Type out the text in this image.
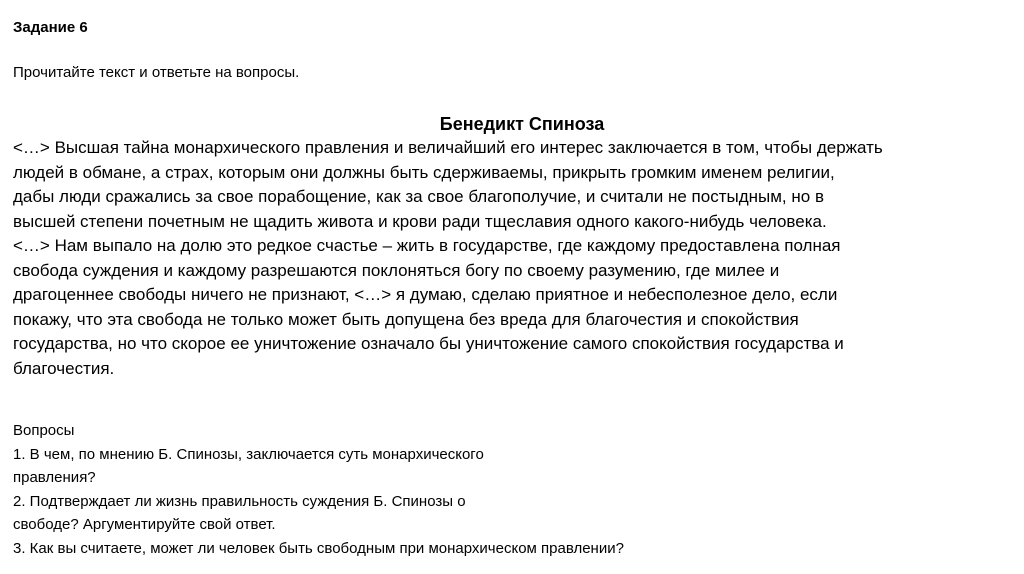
Задание 6
Прочитайте текст и ответьте на вопросы.
Бенедикт Спиноза

<…> Высшая тайна монархического правления и величайший его интерес заключается в том, чтобы держать

людей в обмане, а страх, которым они должны быть сдерживаемы, прикрыть громким именем религии,

дабы люди сражались за свое порабощение, как за свое благополучие, и считали не постыдным, но в

высшей степени почетным не щадить живота и крови ради тщеславия одного какого-нибудь человека.

<…> Нам выпало на долю это редкое счастье – жить в государстве, где каждому предоставлена полная

свобода суждения и каждому разрешаются поклоняться богу по своему разумению, где милее и

драгоценнее свободы ничего не признают, <…> я думаю, сделаю приятное и небесполезное дело, если

покажу, что эта свобода не только может быть допущена без вреда для благочестия и спокойствия

государства, но что скорое ее уничтожение означало бы уничтожение самого спокойствия государства и

благочестия.

Вопросы

1. В чем, по мнению Б. Спинозы, заключается суть монархического

правления?

2. Подтверждает ли жизнь правильность суждения Б. Спинозы о

свободе? Аргументируйте свой ответ.

3. Как вы считаете, может ли человек быть свободным при монархическом правлении?
